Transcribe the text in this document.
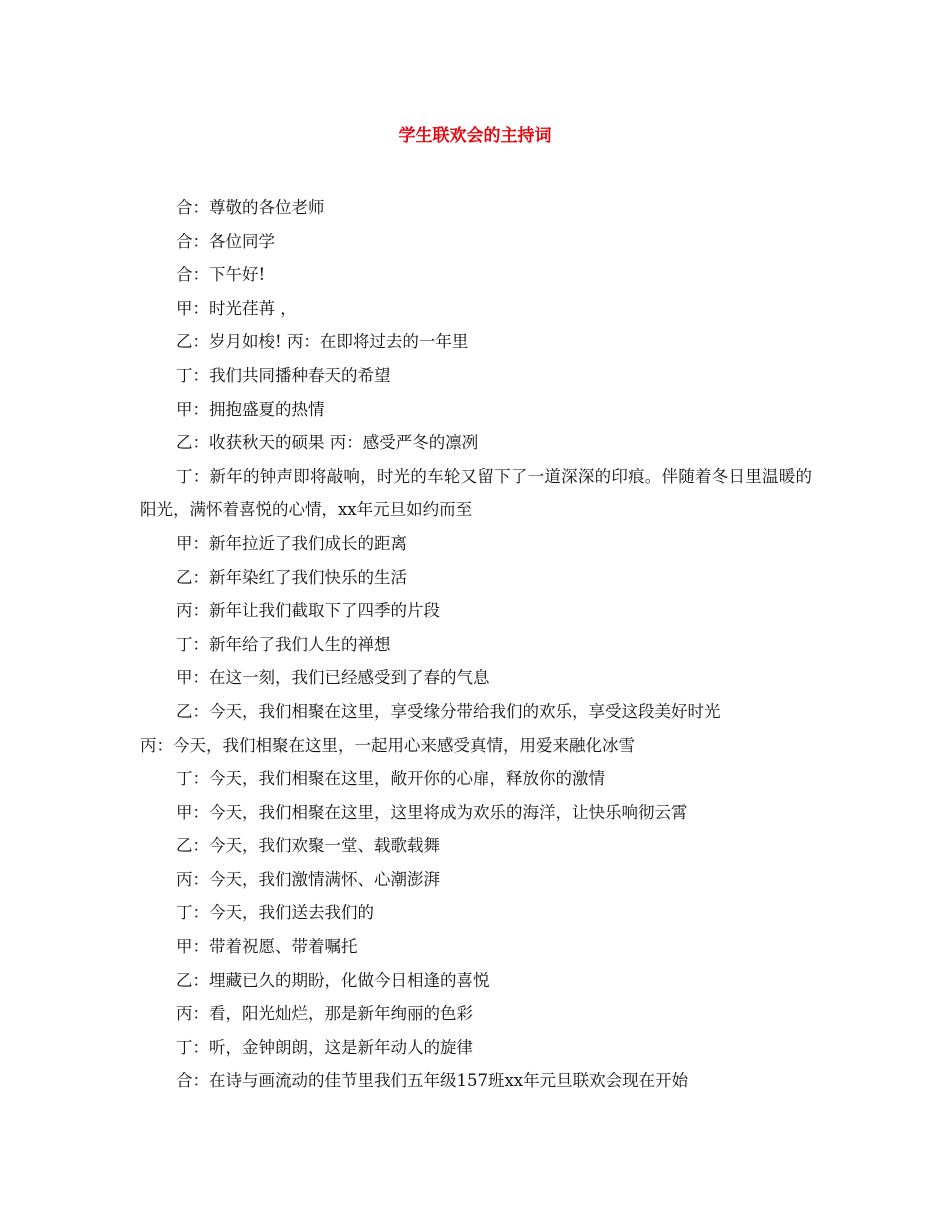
学生联欢会的主持词
合：尊敬的各位老师
合：各位同学
合：下午好!
甲：时光荏苒 ，
乙：岁月如梭! 丙：在即将过去的一年里
丁：我们共同播种春天的希望
甲：拥抱盛夏的热情
乙：收获秋天的硕果 丙：感受严冬的凛冽
丁：新年的钟声即将敲响，时光的车轮又留下了一道深深的印痕。伴随着冬日里温暖的阳光，满怀着喜悦的心情，xx年元旦如约而至
甲：新年拉近了我们成长的距离
乙：新年染红了我们快乐的生活
丙：新年让我们截取下了四季的片段
丁：新年给了我们人生的禅想
甲：在这一刻，我们已经感受到了春的气息
乙：今天，我们相聚在这里，享受缘分带给我们的欢乐，享受这段美好时光
丙：今天，我们相聚在这里，一起用心来感受真情，用爱来融化冰雪
丁：今天，我们相聚在这里，敞开你的心扉，释放你的激情
甲：今天，我们相聚在这里，这里将成为欢乐的海洋，让快乐响彻云霄
乙：今天，我们欢聚一堂、载歌载舞
丙：今天，我们激情满怀、心潮澎湃
丁：今天，我们送去我们的
甲：带着祝愿、带着嘱托
乙：埋藏已久的期盼，化做今日相逢的喜悦
丙：看，阳光灿烂，那是新年绚丽的色彩
丁：听，金钟朗朗，这是新年动人的旋律
合：在诗与画流动的佳节里我们五年级157班xx年元旦联欢会现在开始
